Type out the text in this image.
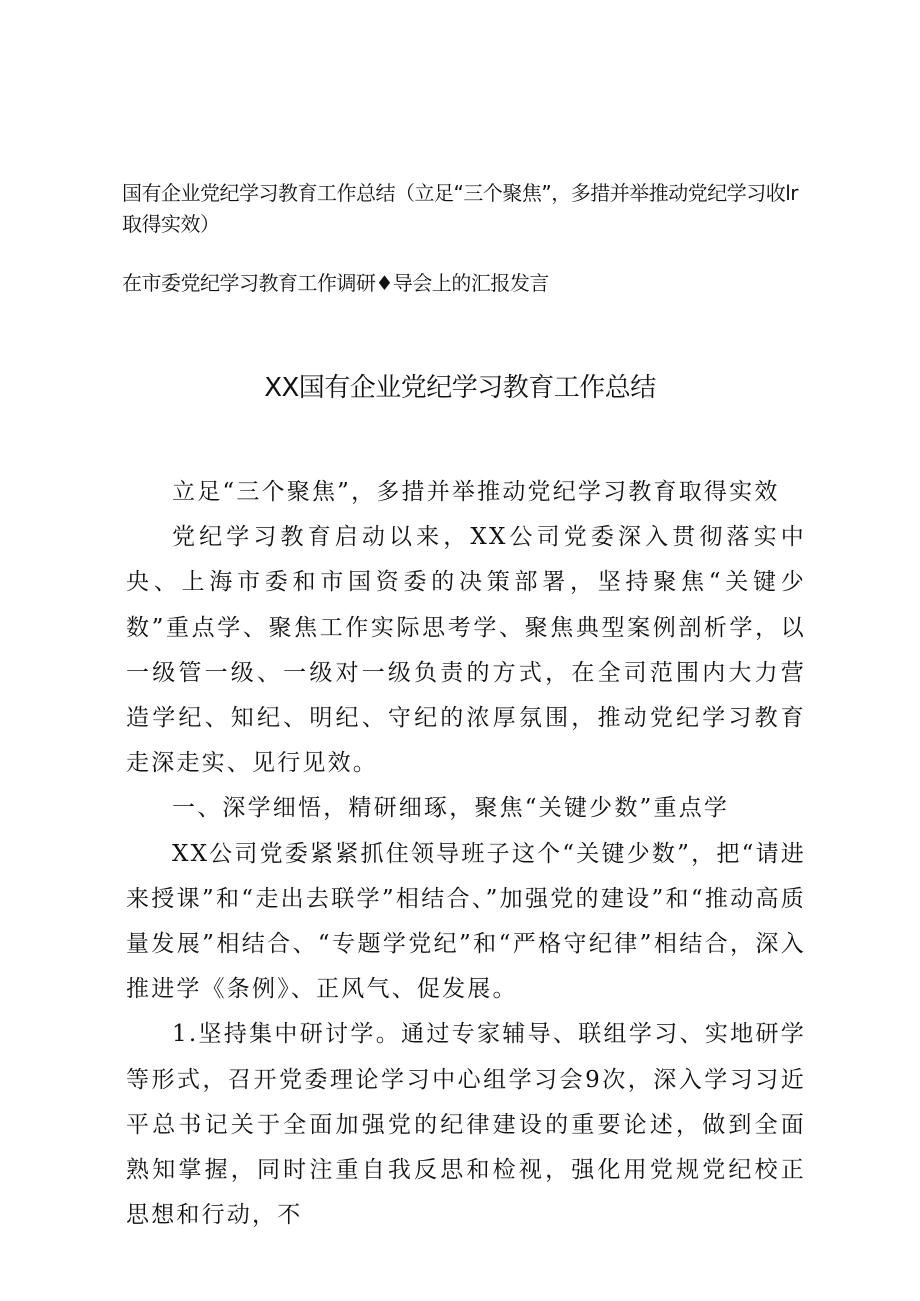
国有企业党纪学习教育工作总结（立足“三个聚焦”，多措并举推动党纪学习收lr取得实效）
在市委党纪学习教育工作调研♦导会上的汇报发言
XX国有企业党纪学习教育工作总结

立足“三个聚焦”，多措并举推动党纪学习教育取得实效

党纪学习教育启动以来，XX公司党委深入贯彻落实中央、上海市委和市国资委的决策部署，坚持聚焦“关键少数”重点学、聚焦工作实际思考学、聚焦典型案例剖析学，以一级管一级、一级对一级负责的方式，在全司范围内大力营造学纪、知纪、明纪、守纪的浓厚氛围，推动党纪学习教育走深走实、见行见效。

一、深学细悟，精研细琢，聚焦“关键少数”重点学

XX公司党委紧紧抓住领导班子这个“关键少数”，把“请进来授课”和“走出去联学”相结合、”加强党的建设”和“推动高质量发展”相结合、“专题学党纪”和“严格守纪律”相结合，深入推进学《条例》、正风气、促发展。

1.坚持集中研讨学。通过专家辅导、联组学习、实地研学等形式，召开党委理论学习中心组学习会9次，深入学习习近平总书记关于全面加强党的纪律建设的重要论述，做到全面熟知掌握，同时注重自我反思和检视，强化用党规党纪校正思想和行动，不
